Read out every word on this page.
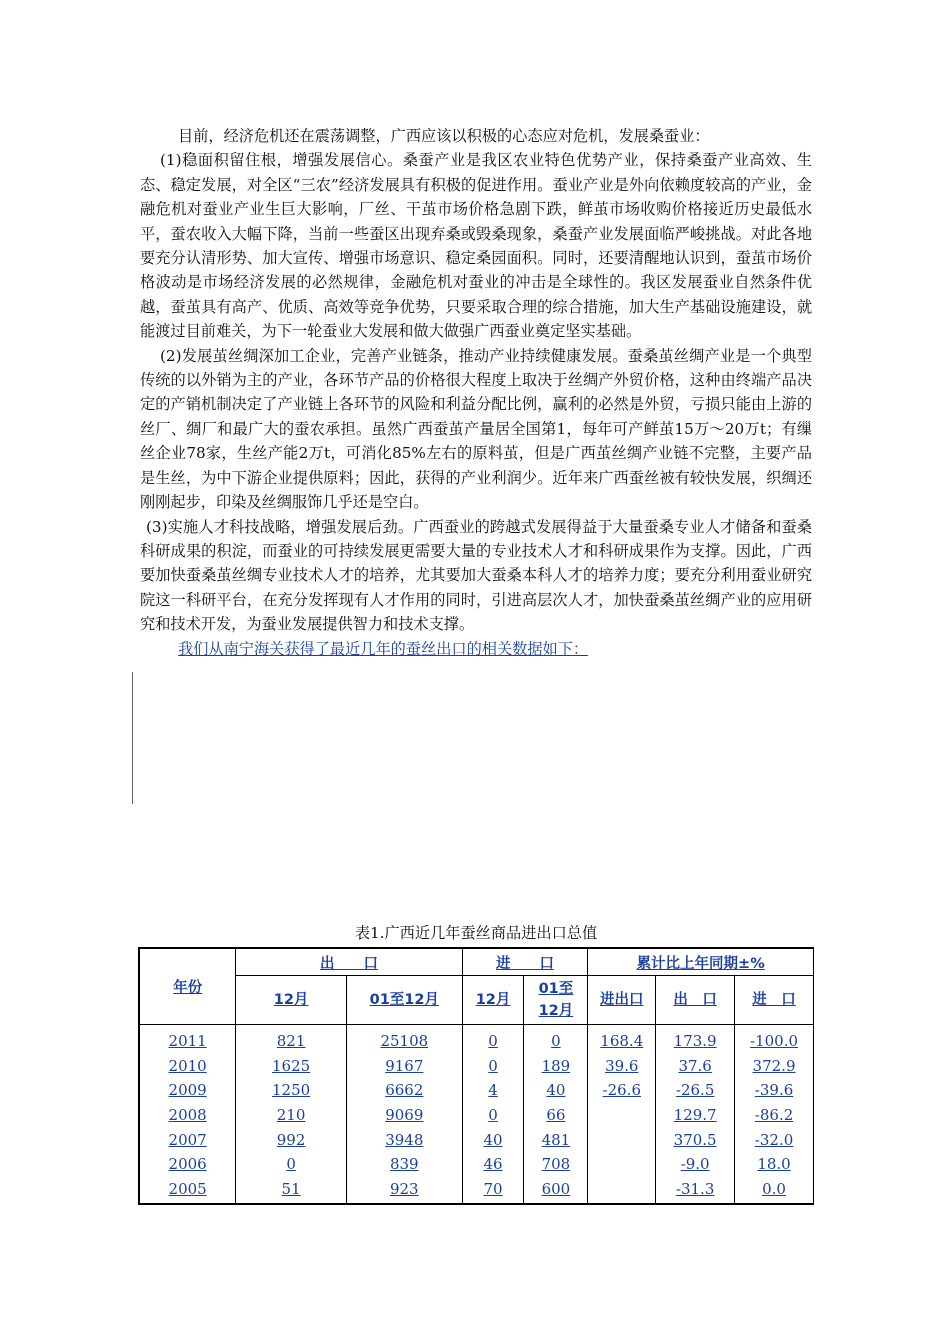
目前，经济危机还在震荡调整，广西应该以积极的心态应对危机，发展桑蚕业：

(1)稳面积留住根，增强发展信心。桑蚕产业是我区农业特色优势产业，保持桑蚕产业高效、生态、稳定发展，对全区“三农”经济发展具有积极的促进作用。蚕业产业是外向依赖度较高的产业，金融危机对蚕业产业生巨大影响，厂丝、干茧市场价格急剧下跌，鲜茧市场收购价格接近历史最低水平，蚕农收入大幅下降，当前一些蚕区出现弃桑或毁桑现象，桑蚕产业发展面临严峻挑战。对此各地要充分认清形势、加大宣传、增强市场意识、稳定桑园面积。同时，还要清醒地认识到，蚕茧市场价格波动是市场经济发展的必然规律，金融危机对蚕业的冲击是全球性的。我区发展蚕业自然条件优越，蚕茧具有高产、优质、高效等竞争优势，只要采取合理的综合措施，加大生产基础设施建设，就能渡过目前难关，为下一轮蚕业大发展和做大做强广西蚕业奠定坚实基础。

(2)发展茧丝绸深加工企业，完善产业链条，推动产业持续健康发展。蚕桑茧丝绸产业是一个典型传统的以外销为主的产业，各环节产品的价格很大程度上取决于丝绸产外贸价格，这种由终端产品决定的产销机制决定了产业链上各环节的风险和利益分配比例，赢利的必然是外贸，亏损只能由上游的丝厂、绸厂和最广大的蚕农承担。虽然广西蚕茧产量居全国第1，每年可产鲜茧15万～20万t；有缫丝企业78家，生丝产能2万t，可消化85%左右的原料茧，但是广西茧丝绸产业链不完整，主要产品是生丝，为中下游企业提供原料；因此，获得的产业利润少。近年来广西蚕丝被有较快发展，织绸还刚刚起步，印染及丝绸服饰几乎还是空白。

(3)实施人才科技战略，增强发展后劲。广西蚕业的跨越式发展得益于大量蚕桑专业人才储备和蚕桑科研成果的积淀，而蚕业的可持续发展更需要大量的专业技术人才和科研成果作为支撑。因此，广西要加快蚕桑茧丝绸专业技术人才的培养，尤其要加大蚕桑本科人才的培养力度；要充分利用蚕业研究院这一科研平台，在充分发挥现有人才作用的同时，引进高层次人才，加快蚕桑茧丝绸产业的应用研究和技术开发，为蚕业发展提供智力和技术支撑。

我们从南宁海关获得了最近几年的蚕丝出口的相关数据如下：

表1.广西近几年蚕丝商品进出口总值
年份	出　　口		进　　口		累计比上年同期±%		
	12月	01至12月	12月	01至
12月	进出口	出　口	进　口
2011	821	25108	0	0	168.4	173.9	-100.0
2010	1625	9167	0	189	39.6	37.6	372.9
2009	1250	6662	4	40	-26.6	-26.5	-39.6
2008	210	9069	0	66		129.7	-86.2
2007	992	3948	40	481		370.5	-32.0
2006	0	839	46	708		-9.0	18.0
2005	51	923	70	600		-31.3	0.0
